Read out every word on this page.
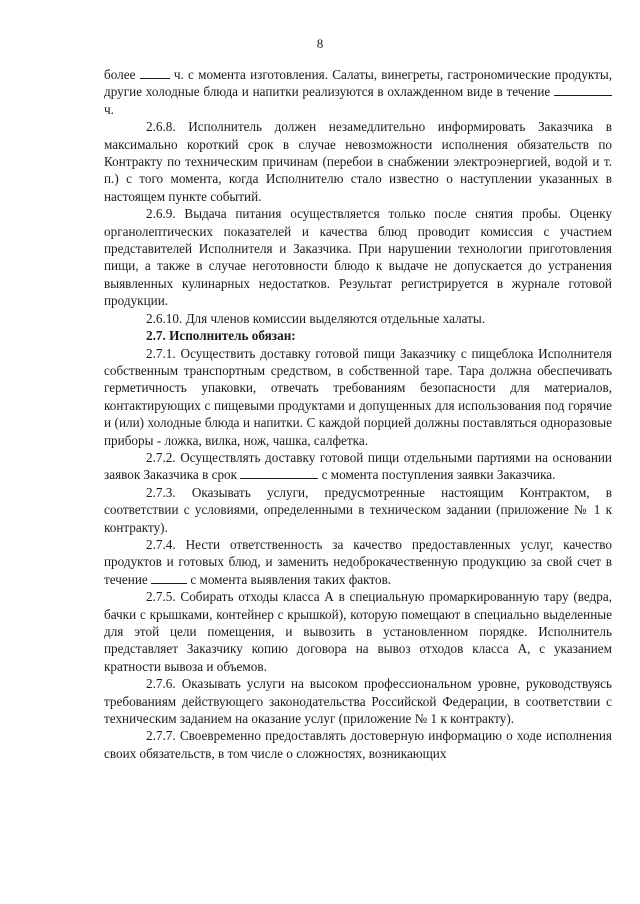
8

более	ч. с момента изготовления. Салаты, винегреты, гастрономические продукты, другие холодные блюда и напитки реализуются в охлажденном виде в течение  ч.

2.6.8. Исполнитель должен незамедлительно информировать Заказчика в максимально короткий срок в случае невозможности исполнения обязательств по Контракту по техническим причинам (перебои в снабжении электроэнергией, водой и т. п.) с того момента, когда Исполнителю стало известно о наступлении указанных в настоящем пункте событий.

2.6.9. Выдача питания осуществляется только после снятия пробы. Оценку органолептических показателей и качества блюд проводит комиссия с участием представителей Исполнителя и Заказчика. При нарушении технологии приготовления пищи, а также в случае неготовности блюдо к выдаче не допускается до устранения выявленных кулинарных недостатков. Результат регистрируется в журнале готовой продукции.

2.6.10. Для членов комиссии выделяются отдельные халаты.

2.7. Исполнитель обязан:

2.7.1. Осуществить доставку готовой пищи Заказчику с пищеблока Исполнителя собственным транспортным средством, в собственной таре. Тара должна обеспечивать герметичность упаковки, отвечать требованиям безопасности для материалов, контактирующих с пищевыми продуктами и допущенных для использования под горячие и (или) холодные блюда и напитки. С каждой порцией должны поставляться одноразовые приборы - ложка, вилка, нож, чашка, салфетка.

2.7.2. Осуществлять доставку готовой пищи отдельными партиями на основании заявок Заказчика в срок	с момента поступления заявки Заказчика.

2.7.3. Оказывать услуги, предусмотренные настоящим Контрактом, в соответствии с условиями, определенными в техническом задании (приложение № 1 к контракту).

2.7.4. Нести ответственность за качество предоставленных услуг, качество продуктов и готовых блюд, и заменить недоброкачественную продукцию за свой счет в течение	с момента выявления таких фактов.

2.7.5. Собирать отходы класса А в специальную промаркированную тару (ведра, бачки с крышками, контейнер с крышкой), которую помещают в специально выделенные для этой цели помещения, и вывозить в установленном порядке. Исполнитель представляет Заказчику копию договора на вывоз отходов класса А, с указанием кратности вывоза и объемов.

2.7.6. Оказывать услуги на высоком профессиональном уровне, руководствуясь требованиям действующего законодательства Российской Федерации, в соответствии с техническим заданием на оказание услуг (приложение № 1 к контракту).

2.7.7. Своевременно предоставлять достоверную информацию о ходе исполнения своих обязательств, в том числе о сложностях, возникающих
